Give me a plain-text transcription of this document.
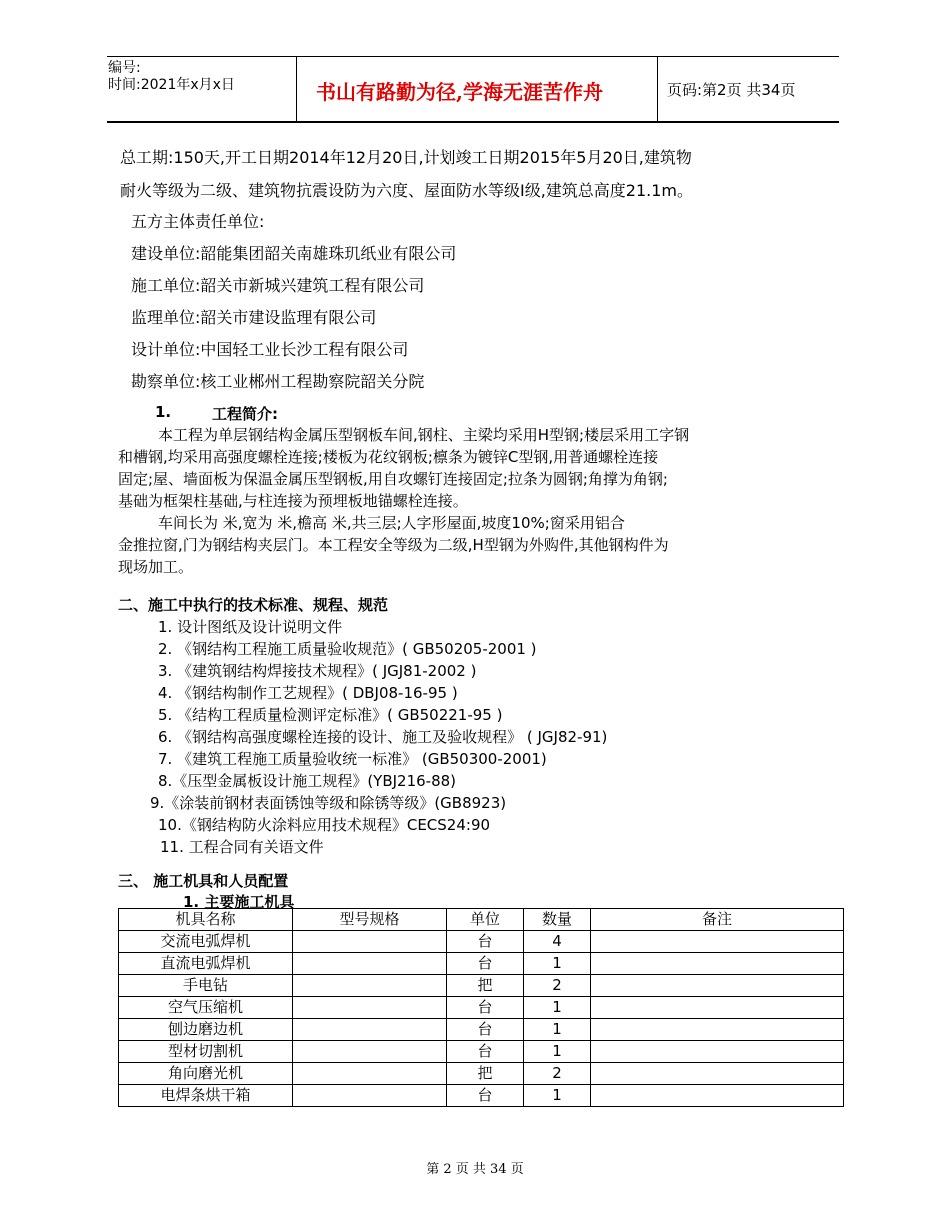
编号:
时间:2021年x月x日	书山有路勤为径,学海无涯苦作舟	页码:第2页 共34页
总工期:150天,开工日期2014年12月20日,计划竣工日期2015年5月20日,建筑物
耐火等级为二级、建筑物抗震设防为六度、屋面防水等级Ⅰ级,建筑总高度21.1m。
五方主体责任单位:
建设单位:韶能集团韶关南雄珠玑纸业有限公司
施工单位:韶关市新城兴建筑工程有限公司
监理单位:韶关市建设监理有限公司
设计单位:中国轻工业长沙工程有限公司
勘察单位:核工业郴州工程勘察院韶关分院
1.	工程简介:
本工程为单层钢结构金属压型钢板车间,钢柱、主梁均采用H型钢;楼层采用工字钢
和槽钢,均采用高强度螺栓连接;楼板为花纹钢板;檩条为镀锌C型钢,用普通螺栓连接
固定;屋、墙面板为保温金属压型钢板,用自攻螺钉连接固定;拉条为圆钢;角撑为角钢;
基础为框架柱基础,与柱连接为预埋板地锚螺栓连接。
车间长为 米,宽为 米,檐高 米,共三层;人字形屋面,坡度10%;窗采用铝合
金推拉窗,门为钢结构夹层门。本工程安全等级为二级,H型钢为外购件,其他钢构件为
现场加工。
二、施工中执行的技术标准、规程、规范
1. 设计图纸及设计说明文件
2. 《钢结构工程施工质量验收规范》( GB50205-2001 )
3. 《建筑钢结构焊接技术规程》( JGJ81-2002 )
4. 《钢结构制作工艺规程》( DBJ08-16-95 )
5. 《结构工程质量检测评定标准》( GB50221-95 )
6. 《钢结构高强度螺栓连接的设计、施工及验收规程》 ( JGJ82-91)
7. 《建筑工程施工质量验收统一标准》 (GB50300-2001)
8.《压型金属板设计施工规程》(YBJ216-88)
9.《涂装前钢材表面锈蚀等级和除锈等级》(GB8923)
10.《钢结构防火涂料应用技术规程》CECS24:90
11. 工程合同有关语文件
三、 施工机具和人员配置
1. 主要施工机具
机具名称	型号规格	单位	数量	备注
交流电弧焊机		台	4	
直流电弧焊机		台	1	
手电钻		把	2	
空气压缩机		台	1	
刨边磨边机		台	1	
型材切割机		台	1	
角向磨光机		把	2	
电焊条烘干箱		台	1	
第 2 页 共 34 页
